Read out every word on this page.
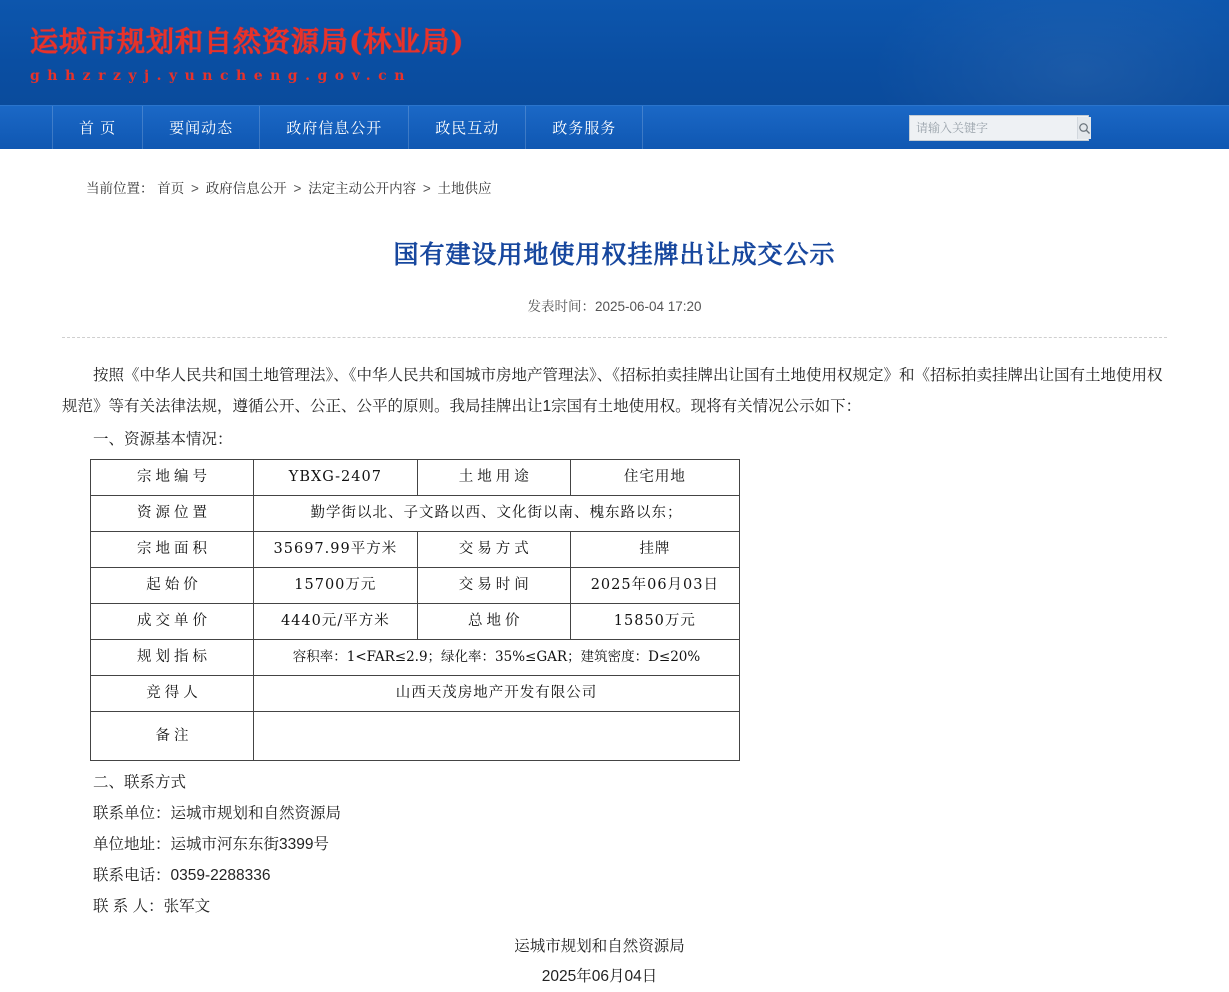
运城市规划和自然资源局(林业局)
ghhzrzyj.yuncheng.gov.cn
首 页	要闻动态	政府信息公开	政民互动	政务服务
请输入关键字
当前位置： 首页 > 政府信息公开 > 法定主动公开内容 > 土地供应
国有建设用地使用权挂牌出让成交公示
发表时间：2025-06-04 17:20
按照《中华人民共和国土地管理法》、《中华人民共和国城市房地产管理法》、《招标拍卖挂牌出让国有土地使用权规定》和《招标拍卖挂牌出让国有土地使用权规范》等有关法律法规，遵循公开、公正、公平的原则。我局挂牌出让1宗国有土地使用权。现将有关情况公示如下：
一、资源基本情况：
宗地编号	YBXG-2407	土地用途	住宅用地
资源位置	勤学街以北、子文路以西、文化街以南、槐东路以东；		
宗地面积	35697.99平方米	交易方式	挂牌
起始价	15700万元	交易时间	2025年06月03日
成交单价	4440元/平方米	总地价	15850万元
规划指标	容积率：1<FAR≤2.9；绿化率：35%≤GAR；建筑密度：D≤20%		
竞得人	山西天茂房地产开发有限公司		
备注			
二、联系方式
联系单位：运城市规划和自然资源局
单位地址：运城市河东东街3399号
联系电话：0359-2288336
联 系 人：张军文
运城市规划和自然资源局
2025年06月04日
